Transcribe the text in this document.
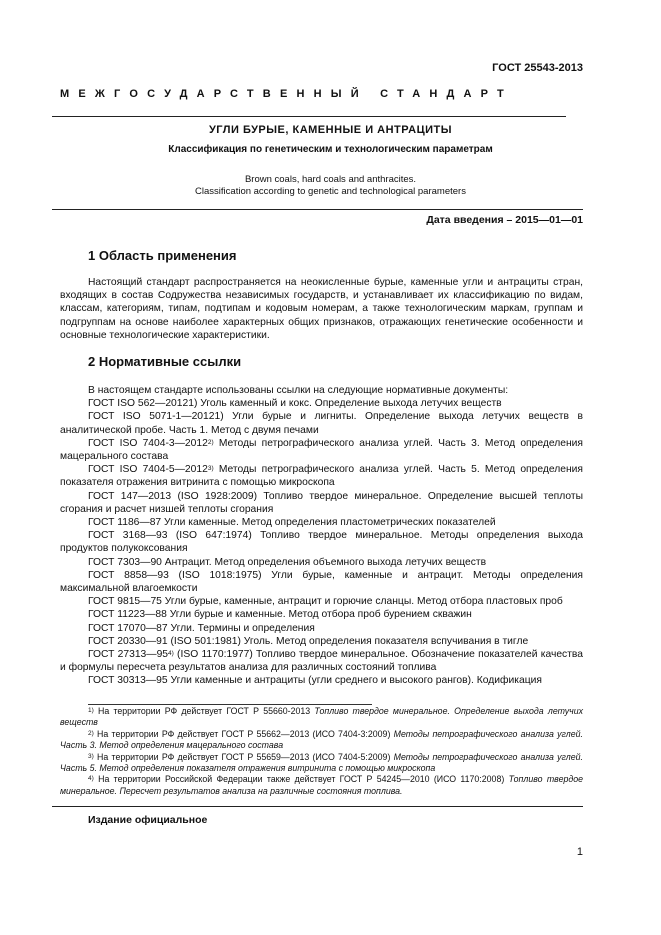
ГОСТ 25543-2013
МЕЖГОСУДАРСТВЕННЫЙ СТАНДАРТ
УГЛИ БУРЫЕ, КАМЕННЫЕ И АНТРАЦИТЫ
Классификация по генетическим и технологическим параметрам
Brown coals, hard coals and anthracites.
Classification according to genetic and technological parameters
Дата введения – 2015—01—01
1 Область применения
Настоящий стандарт распространяется на неокисленные бурые, каменные угли и антрациты стран, входящих в состав Содружества независимых государств, и устанавливает их классификацию по видам, классам, категориям, типам, подтипам и кодовым номерам, а также технологическим маркам, группам и подгруппам на основе наиболее характерных общих признаков, отражающих генетические особенности и основные технологические характеристики.
2 Нормативные ссылки

В настоящем стандарте использованы ссылки на следующие нормативные документы:

ГОСТ ISO 562—20121) Уголь каменный и кокс. Определение выхода летучих веществ

ГОСТ ISO 5071-1—20121) Угли бурые и лигниты. Определение выхода летучих веществ в аналитической пробе. Часть 1. Метод с двумя печами

ГОСТ ISO 7404-3—2012$^{2)}$ Методы петрографического анализа углей. Часть 3. Метод определения мацерального состава

ГОСТ ISO 7404-5—2012$^{3)}$ Методы петрографического анализа углей. Часть 5. Метод определения показателя отражения витринита с помощью микроскопа

ГОСТ 147—2013 (ISO 1928:2009) Топливо твердое минеральное. Определение высшей теплоты сгорания и расчет низшей теплоты сгорания

ГОСТ 1186—87 Угли каменные. Метод определения пластометрических показателей

ГОСТ 3168—93 (ISO 647:1974) Топливо твердое минеральное. Методы определения выхода продуктов полукоксования

ГОСТ 7303—90 Антрацит. Метод определения объемного выхода летучих веществ

ГОСТ 8858—93 (ISO 1018:1975) Угли бурые, каменные и антрацит. Методы определения максимальной влагоемкости

ГОСТ 9815—75 Угли бурые, каменные, антрацит и горючие сланцы. Метод отбора пластовых проб

ГОСТ 11223—88 Угли бурые и каменные. Метод отбора проб бурением скважин

ГОСТ 17070—87 Угли. Термины и определения

ГОСТ 20330—91 (ISO 501:1981) Уголь. Метод определения показателя вспучивания в тигле

ГОСТ 27313—95$^{4)}$ (ISO 1170:1977) Топливо твердое минеральное. Обозначение показателей качества и формулы пересчета результатов анализа для различных состояний топлива

ГОСТ 30313—95 Угли каменные и антрациты (угли среднего и высокого рангов). Кодификация

$^{1)}$ На территории РФ действует ГОСТ Р 55660-2013 Топливо твердое минеральное. Определение выхода летучих веществ

$^{2)}$ На территории РФ действует ГОСТ Р 55662—2013 (ИСО 7404-3:2009) Методы петрографического анализа углей. Часть 3. Метод определения мацерального состава

$^{3)}$ На территории РФ действует ГОСТ Р 55659—2013 (ИСО 7404-5:2009) Методы петрографического анализа углей. Часть 5. Метод определения показателя отражения витринита с помощью микроскопа

$^{4)}$ На территории Российской Федерации также действует ГОСТ Р 54245—2010 (ИСО 1170:2008) Топливо твердое минеральное. Пересчет результатов анализа на различные состояния топлива.

Издание официальное
1
